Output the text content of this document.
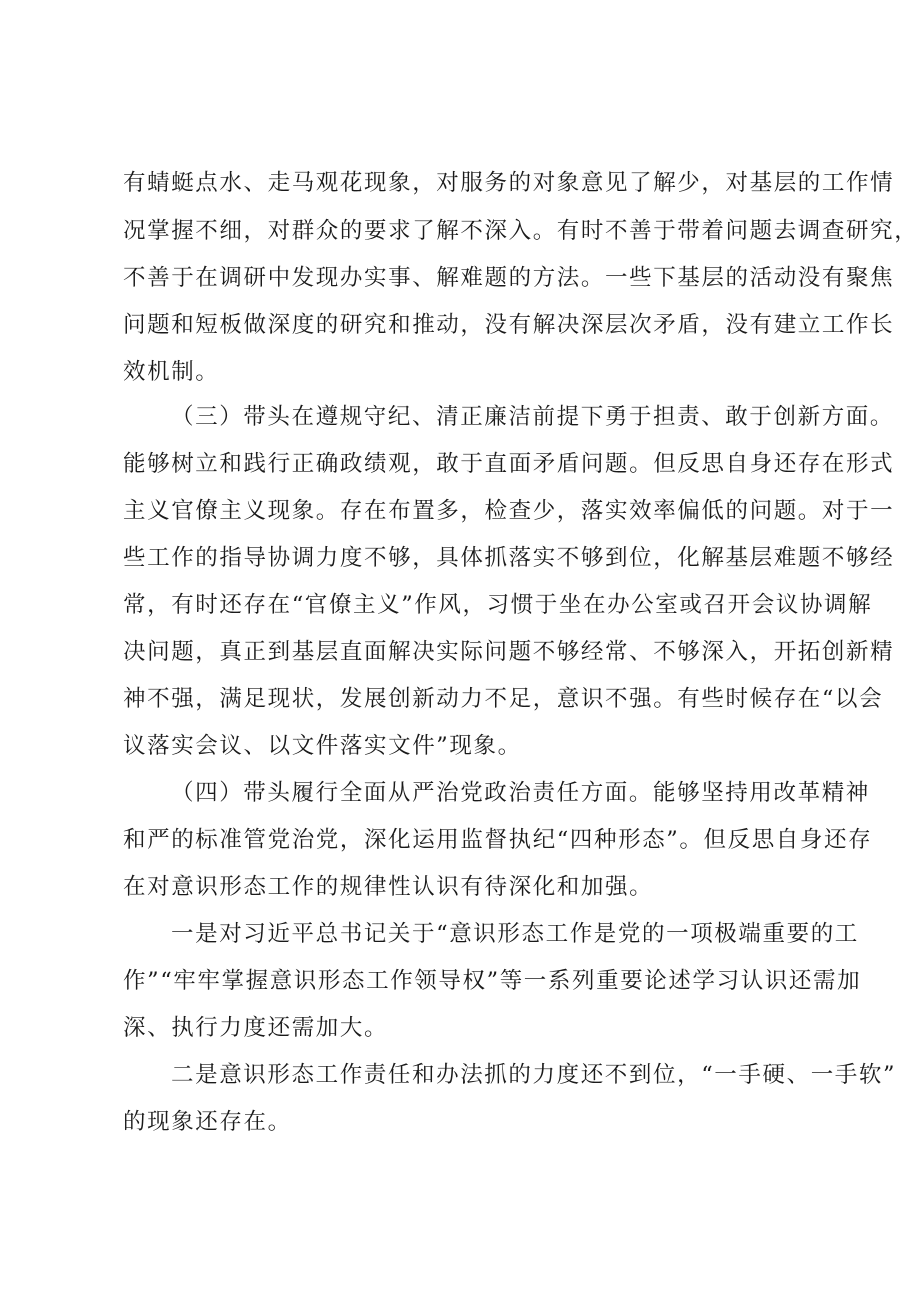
有蜻蜓点水、走马观花现象，对服务的对象意见了解少，对基层的工作情
况掌握不细，对群众的要求了解不深入。有时不善于带着问题去调查研究，
不善于在调研中发现办实事、解难题的方法。一些下基层的活动没有聚焦
问题和短板做深度的研究和推动，没有解决深层次矛盾，没有建立工作长
效机制。
（三）带头在遵规守纪、清正廉洁前提下勇于担责、敢于创新方面。
能够树立和践行正确政绩观，敢于直面矛盾问题。但反思自身还存在形式
主义官僚主义现象。存在布置多，检查少，落实效率偏低的问题。对于一
些工作的指导协调力度不够，具体抓落实不够到位，化解基层难题不够经
常，有时还存在“官僚主义”作风，习惯于坐在办公室或召开会议协调解
决问题，真正到基层直面解决实际问题不够经常、不够深入，开拓创新精
神不强，满足现状，发展创新动力不足，意识不强。有些时候存在“以会
议落实会议、以文件落实文件”现象。
（四）带头履行全面从严治党政治责任方面。能够坚持用改革精神
和严的标准管党治党，深化运用监督执纪“四种形态”。但反思自身还存
在对意识形态工作的规律性认识有待深化和加强。
一是对习近平总书记关于“意识形态工作是党的一项极端重要的工
作”“牢牢掌握意识形态工作领导权”等一系列重要论述学习认识还需加
深、执行力度还需加大。
二是意识形态工作责任和办法抓的力度还不到位，“一手硬、一手软”
的现象还存在。
